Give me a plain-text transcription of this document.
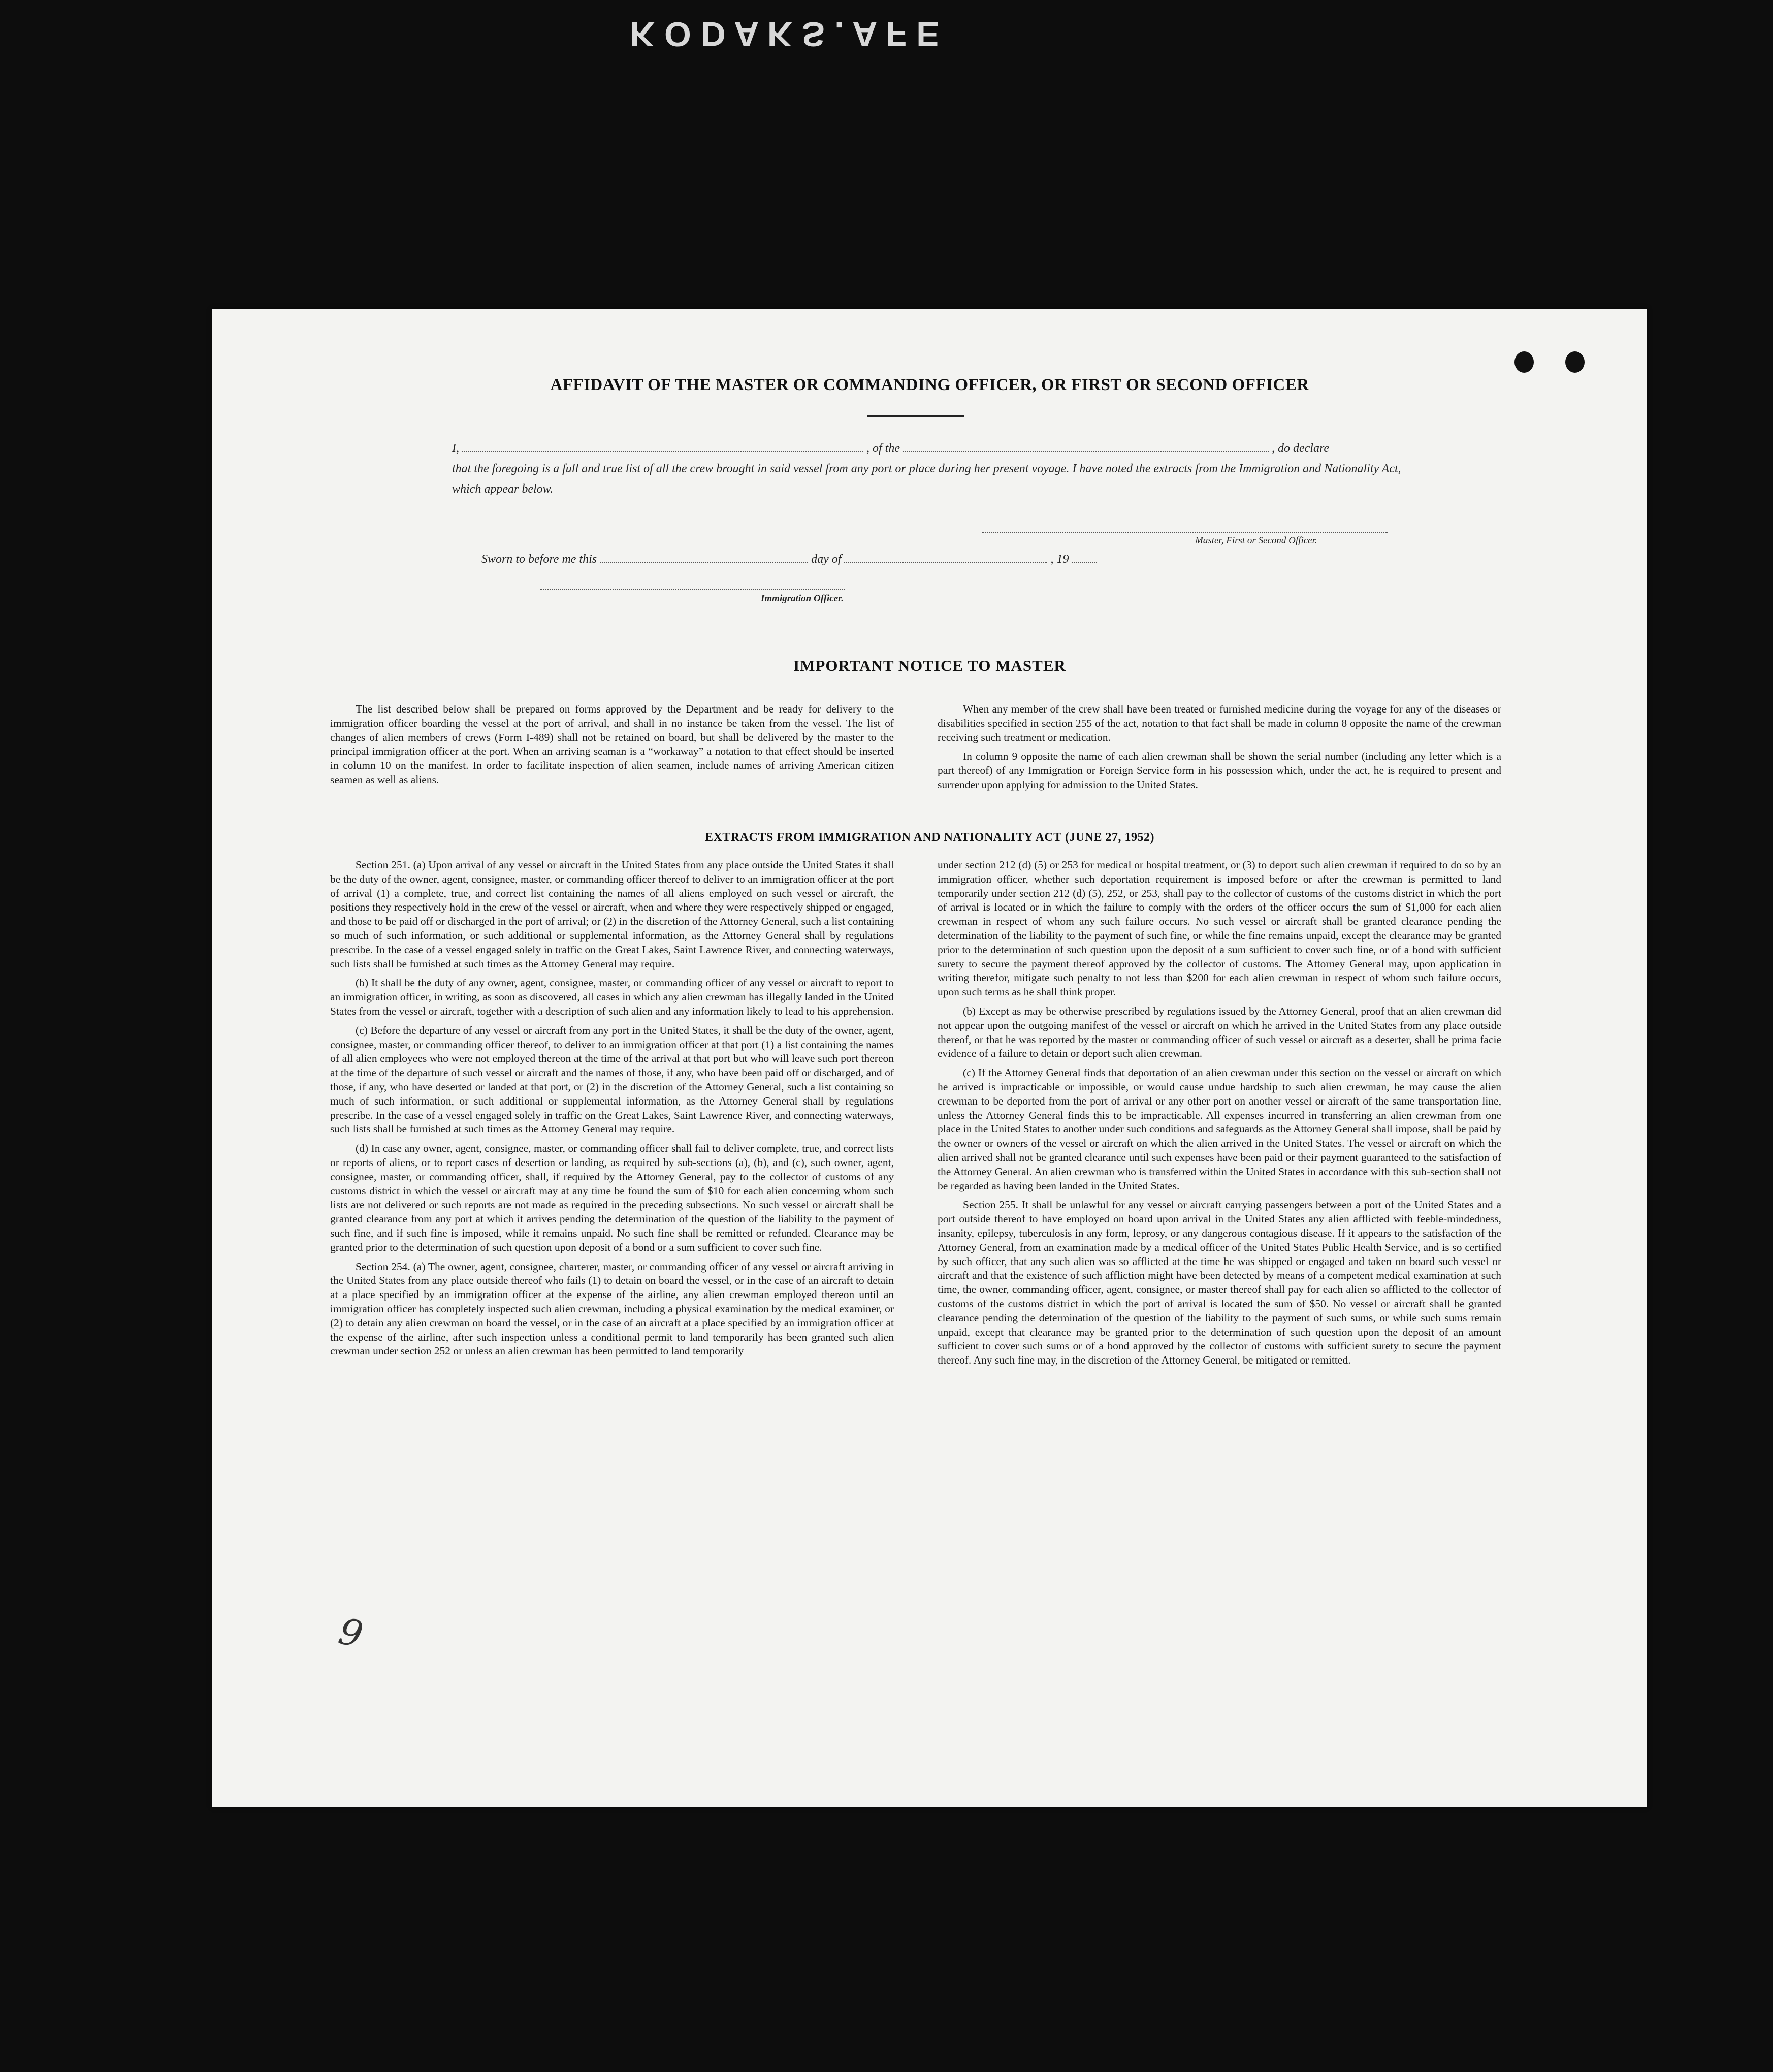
K O D A K S . A F E
AFFIDAVIT OF THE MASTER OR COMMANDING OFFICER, OR FIRST OR SECOND OFFICER
I,	, of the	, do declare
that the foregoing is a full and true list of all the crew brought in said vessel from any port or place during her present voyage. I have noted the extracts from the Immigration and Nationality Act, which appear below.
Master, First or Second Officer.
Sworn to before me this	day of	, 19
Immigration Officer.
IMPORTANT NOTICE TO MASTER

The list described below shall be prepared on forms approved by the Department and be ready for delivery to the immigration officer boarding the vessel at the port of arrival, and shall in no instance be taken from the vessel. The list of changes of alien members of crews (Form I-489) shall not be retained on board, but shall be delivered by the master to the principal immigration officer at the port. When an arriving seaman is a “workaway” a notation to that effect should be inserted in column 10 on the manifest. In order to facilitate inspection of alien seamen, include names of arriving American citizen seamen as well as aliens.

When any member of the crew shall have been treated or furnished medicine during the voyage for any of the diseases or disabilities specified in section 255 of the act, notation to that fact shall be made in column 8 opposite the name of the crewman receiving such treatment or medication.

In column 9 opposite the name of each alien crewman shall be shown the serial number (including any letter which is a part thereof) of any Immigration or Foreign Service form in his possession which, under the act, he is required to present and surrender upon applying for admission to the United States.

EXTRACTS FROM IMMIGRATION AND NATIONALITY ACT (JUNE 27, 1952)

Section 251. (a) Upon arrival of any vessel or aircraft in the United States from any place outside the United States it shall be the duty of the owner, agent, consignee, master, or commanding officer thereof to deliver to an immigration officer at the port of arrival (1) a complete, true, and correct list containing the names of all aliens employed on such vessel or aircraft, the positions they respectively hold in the crew of the vessel or aircraft, when and where they were respectively shipped or engaged, and those to be paid off or discharged in the port of arrival; or (2) in the discretion of the Attorney General, such a list containing so much of such information, or such additional or supplemental information, as the Attorney General shall by regulations prescribe. In the case of a vessel engaged solely in traffic on the Great Lakes, Saint Lawrence River, and connecting waterways, such lists shall be furnished at such times as the Attorney General may require.

(b) It shall be the duty of any owner, agent, consignee, master, or commanding officer of any vessel or aircraft to report to an immigration officer, in writing, as soon as discovered, all cases in which any alien crewman has illegally landed in the United States from the vessel or aircraft, together with a description of such alien and any information likely to lead to his apprehension.

(c) Before the departure of any vessel or aircraft from any port in the United States, it shall be the duty of the owner, agent, consignee, master, or commanding officer thereof, to deliver to an immigration officer at that port (1) a list containing the names of all alien employees who were not employed thereon at the time of the arrival at that port but who will leave such port thereon at the time of the departure of such vessel or aircraft and the names of those, if any, who have been paid off or discharged, and of those, if any, who have deserted or landed at that port, or (2) in the discretion of the Attorney General, such a list containing so much of such information, or such additional or supplemental information, as the Attorney General shall by regulations prescribe. In the case of a vessel engaged solely in traffic on the Great Lakes, Saint Lawrence River, and connecting waterways, such lists shall be furnished at such times as the Attorney General may require.

(d) In case any owner, agent, consignee, master, or commanding officer shall fail to deliver complete, true, and correct lists or reports of aliens, or to report cases of desertion or landing, as required by sub-sections (a), (b), and (c), such owner, agent, consignee, master, or commanding officer, shall, if required by the Attorney General, pay to the collector of customs of any customs district in which the vessel or aircraft may at any time be found the sum of $10 for each alien concerning whom such lists are not delivered or such reports are not made as required in the preceding subsections. No such vessel or aircraft shall be granted clearance from any port at which it arrives pending the determination of the question of the liability to the payment of such fine, and if such fine is imposed, while it remains unpaid. No such fine shall be remitted or refunded. Clearance may be granted prior to the determination of such question upon deposit of a bond or a sum sufficient to cover such fine.

Section 254. (a) The owner, agent, consignee, charterer, master, or commanding officer of any vessel or aircraft arriving in the United States from any place outside thereof who fails (1) to detain on board the vessel, or in the case of an aircraft to detain at a place specified by an immigration officer at the expense of the airline, any alien crewman employed thereon until an immigration officer has completely inspected such alien crewman, including a physical examination by the medical examiner, or (2) to detain any alien crewman on board the vessel, or in the case of an aircraft at a place specified by an immigration officer at the expense of the airline, after such inspection unless a conditional permit to land temporarily has been granted such alien crewman under section 252 or unless an alien crewman has been permitted to land temporarily

under section 212 (d) (5) or 253 for medical or hospital treatment, or (3) to deport such alien crewman if required to do so by an immigration officer, whether such deportation requirement is imposed before or after the crewman is permitted to land temporarily under section 212 (d) (5), 252, or 253, shall pay to the collector of customs of the customs district in which the port of arrival is located or in which the failure to comply with the orders of the officer occurs the sum of $1,000 for each alien crewman in respect of whom any such failure occurs. No such vessel or aircraft shall be granted clearance pending the determination of the liability to the payment of such fine, or while the fine remains unpaid, except the clearance may be granted prior to the determination of such question upon the deposit of a sum sufficient to cover such fine, or of a bond with sufficient surety to secure the payment thereof approved by the collector of customs. The Attorney General may, upon application in writing therefor, mitigate such penalty to not less than $200 for each alien crewman in respect of whom such failure occurs, upon such terms as he shall think proper.

(b) Except as may be otherwise prescribed by regulations issued by the Attorney General, proof that an alien crewman did not appear upon the outgoing manifest of the vessel or aircraft on which he arrived in the United States from any place outside thereof, or that he was reported by the master or commanding officer of such vessel or aircraft as a deserter, shall be prima facie evidence of a failure to detain or deport such alien crewman.

(c) If the Attorney General finds that deportation of an alien crewman under this section on the vessel or aircraft on which he arrived is impracticable or impossible, or would cause undue hardship to such alien crewman, he may cause the alien crewman to be deported from the port of arrival or any other port on another vessel or aircraft of the same transportation line, unless the Attorney General finds this to be impracticable. All expenses incurred in transferring an alien crewman from one place in the United States to another under such conditions and safeguards as the Attorney General shall impose, shall be paid by the owner or owners of the vessel or aircraft on which the alien arrived in the United States. The vessel or aircraft on which the alien arrived shall not be granted clearance until such expenses have been paid or their payment guaranteed to the satisfaction of the Attorney General. An alien crewman who is transferred within the United States in accordance with this sub-section shall not be regarded as having been landed in the United States.

Section 255. It shall be unlawful for any vessel or aircraft carrying passengers between a port of the United States and a port outside thereof to have employed on board upon arrival in the United States any alien afflicted with feeble-mindedness, insanity, epilepsy, tuberculosis in any form, leprosy, or any dangerous contagious disease. If it appears to the satisfaction of the Attorney General, from an examination made by a medical officer of the United States Public Health Service, and is so certified by such officer, that any such alien was so afflicted at the time he was shipped or engaged and taken on board such vessel or aircraft and that the existence of such affliction might have been detected by means of a competent medical examination at such time, the owner, commanding officer, agent, consignee, or master thereof shall pay for each alien so afflicted to the collector of customs of the customs district in which the port of arrival is located the sum of $50. No vessel or aircraft shall be granted clearance pending the determination of the question of the liability to the payment of such sums, or while such sums remain unpaid, except that clearance may be granted prior to the determination of such question upon the deposit of an amount sufficient to cover such sums or of a bond approved by the collector of customs with sufficient surety to secure the payment thereof. Any such fine may, in the discretion of the Attorney General, be mitigated or remitted.

9
